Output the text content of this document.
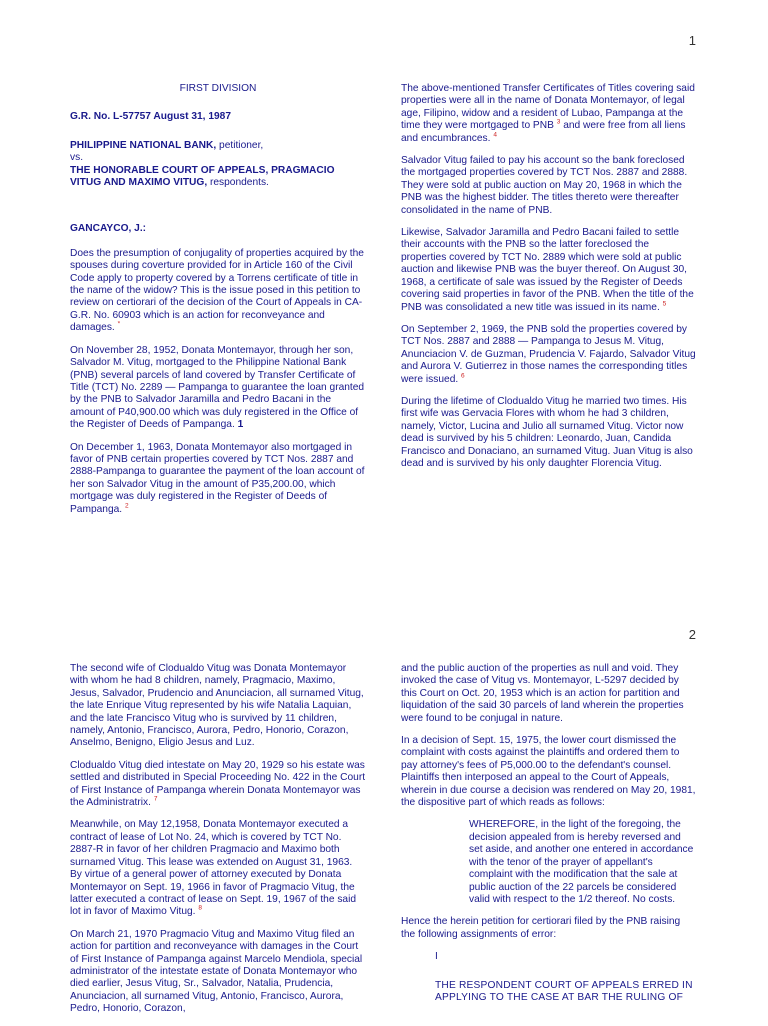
1

FIRST DIVISION

G.R. No. L-57757 August 31, 1987

PHILIPPINE NATIONAL BANK, petitioner,
vs.
THE HONORABLE COURT OF APPEALS, PRAGMACIO VITUG AND MAXIMO VITUG, respondents.

GANCAYCO, J.:

Does the presumption of conjugality of properties acquired by the spouses during coverture provided for in Article 160 of the Civil Code apply to property covered by a Torrens certificate of title in the name of the widow? This is the issue posed in this petition to review on certiorari of the decision of the Court of Appeals in CA-G.R. No. 60903 which is an action for reconveyance and damages. *

On November 28, 1952, Donata Montemayor, through her son, Salvador M. Vitug, mortgaged to the Philippine National Bank (PNB) several parcels of land covered by Transfer Certificate of Title (TCT) No. 2289 — Pampanga to guarantee the loan granted by the PNB to Salvador Jaramilla and Pedro Bacani in the amount of P40,900.00 which was duly registered in the Office of the Register of Deeds of Pampanga. 1

On December 1, 1963, Donata Montemayor also mortgaged in favor of PNB certain properties covered by TCT Nos. 2887 and 2888-Pampanga to guarantee the payment of the loan account of her son Salvador Vitug in the amount of P35,200.00, which mortgage was duly registered in the Register of Deeds of Pampanga. $^2$

The above-mentioned Transfer Certificates of Titles covering said properties were all in the name of Donata Montemayor, of legal age, Filipino, widow and a resident of Lubao, Pampanga at the time they were mortgaged to PNB $^3$ and were free from all liens and encumbrances. $^4$

Salvador Vitug failed to pay his account so the bank foreclosed the mortgaged properties covered by TCT Nos. 2887 and 2888. They were sold at public auction on May 20, 1968 in which the PNB was the highest bidder. The titles thereto were thereafter consolidated in the name of PNB.

Likewise, Salvador Jaramilla and Pedro Bacani failed to settle their accounts with the PNB so the latter foreclosed the properties covered by TCT No. 2889 which were sold at public auction and likewise PNB was the buyer thereof. On August 30, 1968, a certificate of sale was issued by the Register of Deeds covering said properties in favor of the PNB. When the title of the PNB was consolidated a new title was issued in its name. $^5$

On September 2, 1969, the PNB sold the properties covered by TCT Nos. 2887 and 2888 — Pampanga to Jesus M. Vitug, Anunciacion V. de Guzman, Prudencia V. Fajardo, Salvador Vitug and Aurora V. Gutierrez in those names the corresponding titles were issued. $^6$

During the lifetime of Clodualdo Vitug he married two times. His first wife was Gervacia Flores with whom he had 3 children, namely, Victor, Lucina and Julio all surnamed Vitug. Victor now dead is survived by his 5 children: Leonardo, Juan, Candida Francisco and Donaciano, an surnamed Vitug. Juan Vitug is also dead and is survived by his only daughter Florencia Vitug.

2

The second wife of Clodualdo Vitug was Donata Montemayor with whom he had 8 children, namely, Pragmacio, Maximo, Jesus, Salvador, Prudencio and Anunciacion, all surnamed Vitug, the late Enrique Vitug represented by his wife Natalia Laquian, and the late Francisco Vitug who is survived by 11 children, namely, Antonio, Francisco, Aurora, Pedro, Honorio, Corazon, Anselmo, Benigno, Eligio Jesus and Luz.

Clodualdo Vitug died intestate on May 20, 1929 so his estate was settled and distributed in Special Proceeding No. 422 in the Court of First Instance of Pampanga wherein Donata Montemayor was the Administratrix. $^7$

Meanwhile, on May 12,1958, Donata Montemayor executed a contract of lease of Lot No. 24, which is covered by TCT No. 2887-R in favor of her children Pragmacio and Maximo both surnamed Vitug. This lease was extended on August 31, 1963. By virtue of a general power of attorney executed by Donata Montemayor on Sept. 19, 1966 in favor of Pragmacio Vitug, the latter executed a contract of lease on Sept. 19, 1967 of the said lot in favor of Maximo Vitug. $^8$

On March 21, 1970 Pragmacio Vitug and Maximo Vitug filed an action for partition and reconveyance with damages in the Court of First Instance of Pampanga against Marcelo Mendiola, special administrator of the intestate estate of Donata Montemayor who died earlier, Jesus Vitug, Sr., Salvador, Natalia, Prudencia, Anunciacion, all surnamed Vitug, Antonio, Francisco, Aurora, Pedro, Honorio, Corazon,

and the public auction of the properties as null and void. They invoked the case of Vitug vs. Montemayor, L-5297 decided by this Court on Oct. 20, 1953 which is an action for partition and liquidation of the said 30 parcels of land wherein the properties were found to be conjugal in nature.

In a decision of Sept. 15, 1975, the lower court dismissed the complaint with costs against the plaintiffs and ordered them to pay attorney's fees of P5,000.00 to the defendant's counsel. Plaintiffs then interposed an appeal to the Court of Appeals, wherein in due course a decision was rendered on May 20, 1981, the dispositive part of which reads as follows:

WHEREFORE, in the light of the foregoing, the decision appealed from is hereby reversed and set aside, and another one entered in accordance with the tenor of the prayer of appellant's complaint with the modification that the sale at public auction of the 22 parcels be considered valid with respect to the 1/2 thereof. No costs.

Hence the herein petition for certiorari filed by the PNB raising the following assignments of error:

I

THE RESPONDENT COURT OF APPEALS ERRED IN APPLYING TO THE CASE AT BAR THE RULING OF
